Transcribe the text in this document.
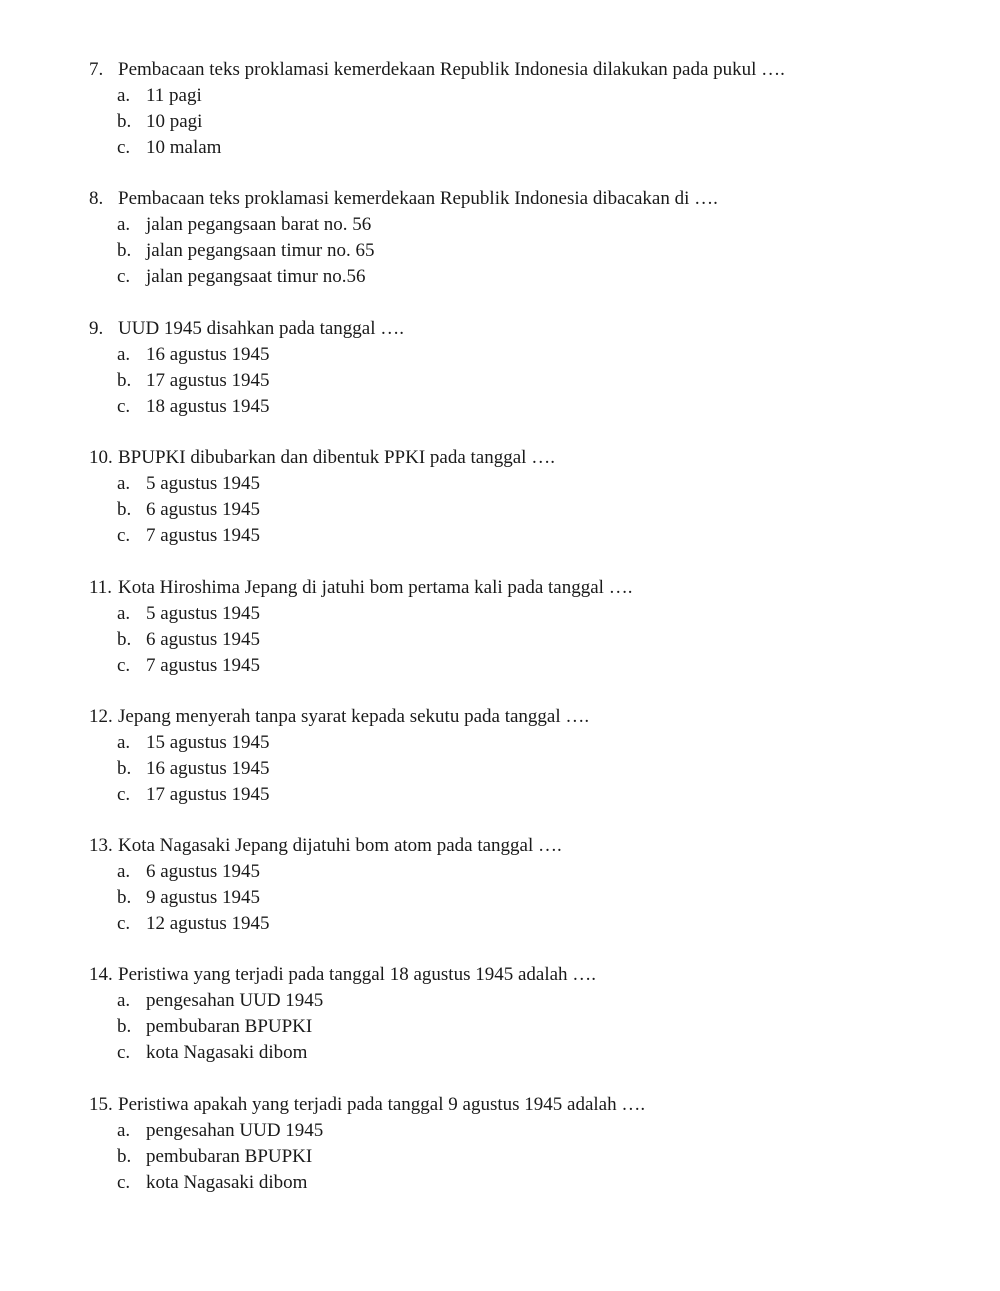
7. Pembacaan teks proklamasi kemerdekaan Republik Indonesia dilakukan pada pukul ….
a. 11 pagi
b. 10 pagi
c. 10 malam
8. Pembacaan teks proklamasi kemerdekaan Republik Indonesia dibacakan di ….
a. jalan pegangsaan barat no. 56
b. jalan pegangsaan timur no. 65
c. jalan pegangsaat timur no.56
9. UUD 1945 disahkan pada tanggal ….
a. 16 agustus 1945
b. 17 agustus 1945
c. 18 agustus 1945
10. BPUPKI dibubarkan dan dibentuk PPKI pada tanggal ….
a. 5 agustus 1945
b. 6 agustus 1945
c. 7 agustus 1945
11. Kota Hiroshima Jepang di jatuhi bom pertama kali pada tanggal ….
a. 5 agustus 1945
b. 6 agustus 1945
c. 7 agustus 1945
12. Jepang menyerah tanpa syarat kepada sekutu pada tanggal ….
a. 15 agustus 1945
b. 16 agustus 1945
c. 17 agustus 1945
13. Kota Nagasaki Jepang dijatuhi bom atom pada tanggal ….
a. 6 agustus 1945
b. 9 agustus 1945
c. 12 agustus 1945
14. Peristiwa yang terjadi pada tanggal 18 agustus 1945 adalah ….
a. pengesahan UUD 1945
b. pembubaran BPUPKI
c. kota Nagasaki dibom
15. Peristiwa apakah yang terjadi pada tanggal 9 agustus 1945 adalah ….
a. pengesahan UUD 1945
b. pembubaran BPUPKI
c. kota Nagasaki dibom
